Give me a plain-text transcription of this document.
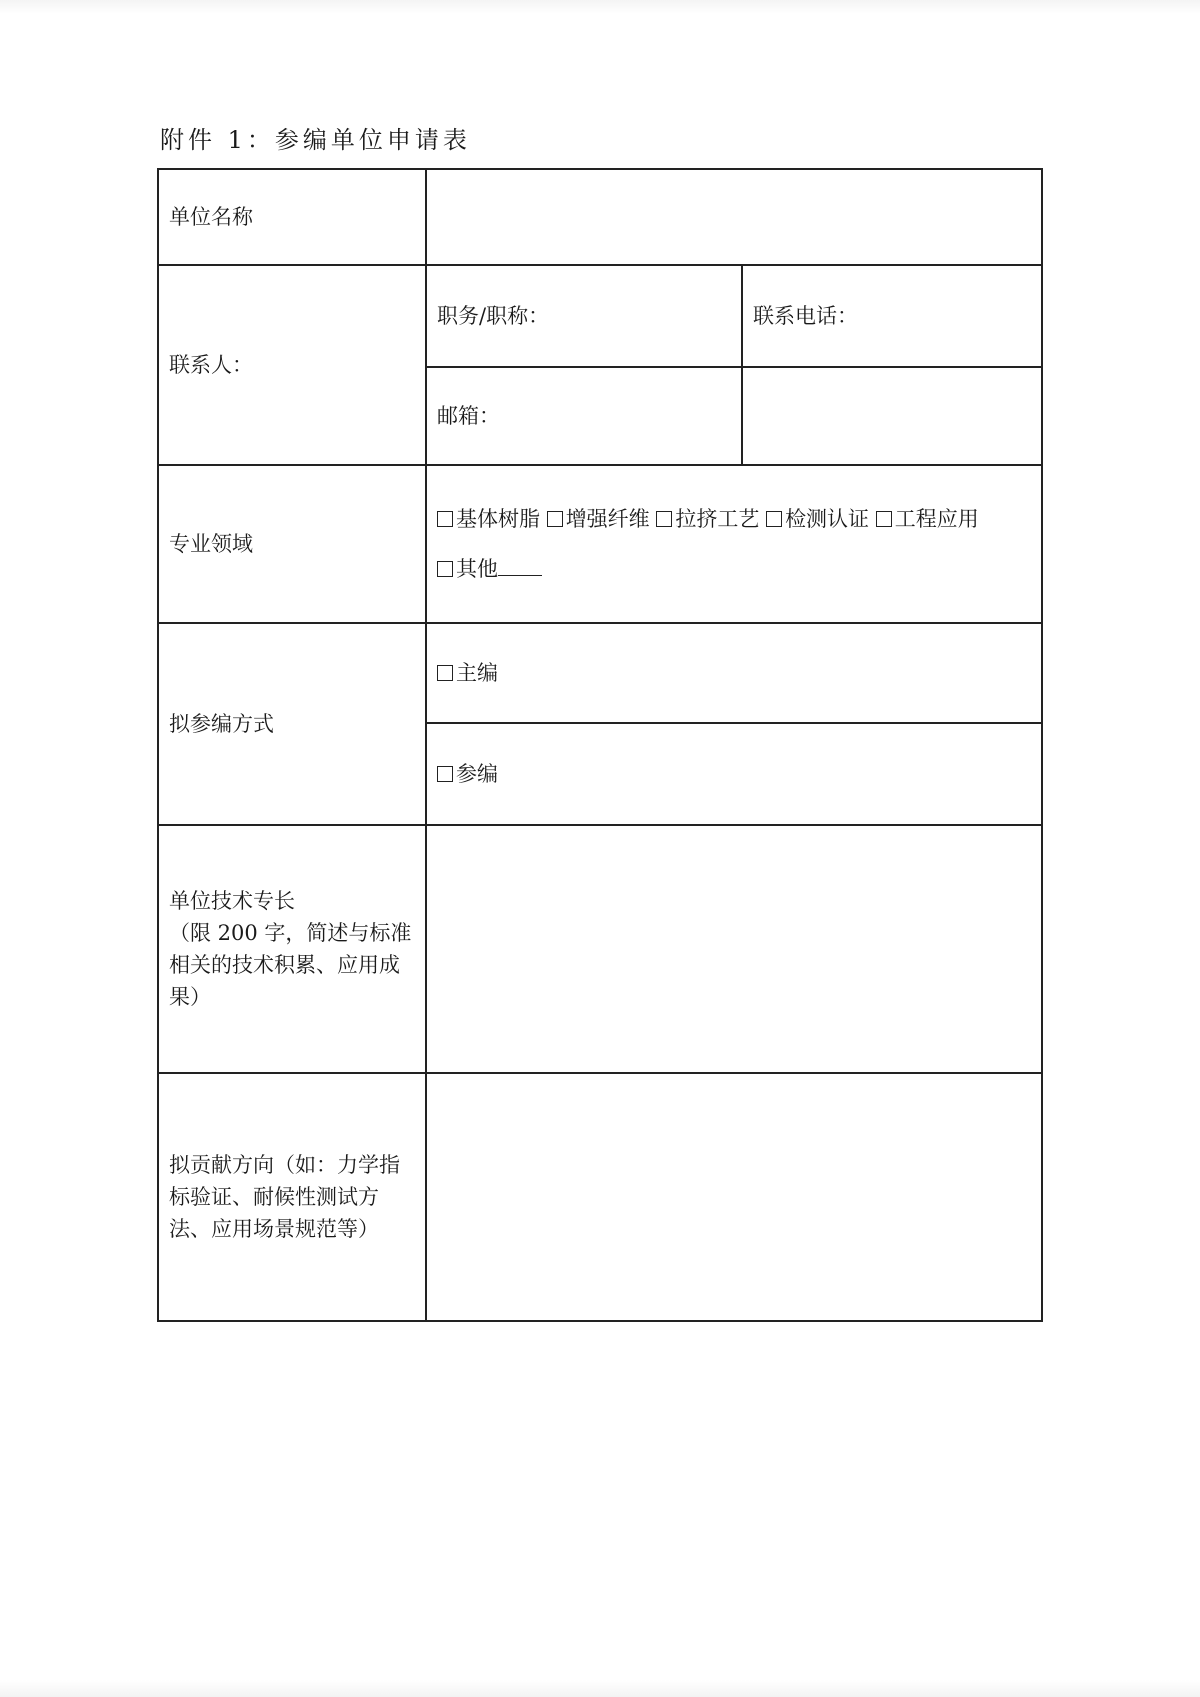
附件 1：参编单位申请表
单位名称		
联系人：	职务/职称：	联系电话：
	邮箱：	
专业领域	基体树脂 增强纤维 拉挤工艺 检测认证 工程应用
其他	

拟参编方式	主编	
	参编	

单位技术专长
（限 200 字，简述与标准相关的技术积累、应用成果）		

拟贡献方向（如：力学指标验证、耐候性测试方法、应用场景规范等）		
